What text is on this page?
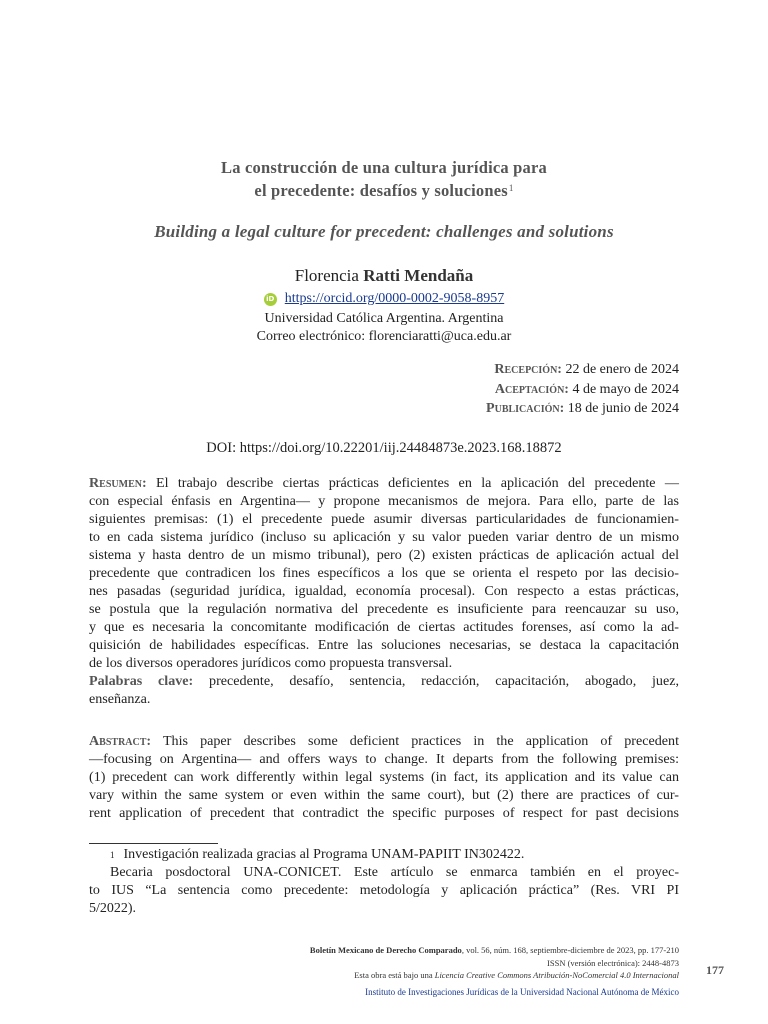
La construcción de una cultura jurídica para
el precedente: desafíos y soluciones$^1$
Building a legal culture for precedent: challenges and solutions
Florencia Ratti Mendaña
iD https://orcid.org/0000-0002-9058-8957
Universidad Católica Argentina. Argentina
Correo electrónico: florenciaratti@uca.edu.ar
Recepción: 22 de enero de 2024
Aceptación: 4 de mayo de 2024
Publicación: 18 de junio de 2024
DOI: https://doi.org/10.22201/iij.24484873e.2023.168.18872
Resumen: El trabajo describe ciertas prácticas deficientes en la aplicación del precedente —
con especial énfasis en Argentina— y propone mecanismos de mejora. Para ello, parte de las
siguientes premisas: (1) el precedente puede asumir diversas particularidades de funcionamien-
to en cada sistema jurídico (incluso su aplicación y su valor pueden variar dentro de un mismo
sistema y hasta dentro de un mismo tribunal), pero (2) existen prácticas de aplicación actual del
precedente que contradicen los fines específicos a los que se orienta el respeto por las decisio-
nes pasadas (seguridad jurídica, igualdad, economía procesal). Con respecto a estas prácticas,
se postula que la regulación normativa del precedente es insuficiente para reencauzar su uso,
y que es necesaria la concomitante modificación de ciertas actitudes forenses, así como la ad-
quisición de habilidades específicas. Entre las soluciones necesarias, se destaca la capacitación
de los diversos operadores jurídicos como propuesta transversal.
Palabras clave: precedente, desafío, sentencia, redacción, capacitación, abogado, juez,
enseñanza.
Abstract: This paper describes some deficient practices in the application of precedent
—focusing on Argentina— and offers ways to change. It departs from the following premises:
(1) precedent can work differently within legal systems (in fact, its application and its value can
vary within the same system or even within the same court), but (2) there are practices of cur-
rent application of precedent that contradict the specific purposes of respect for past decisions
$^1$ Investigación realizada gracias al Programa UNAM-PAPIIT IN302422.
Becaria posdoctoral UNA-CONICET. Este artículo se enmarca también en el proyec-
to IUS “La sentencia como precedente: metodología y aplicación práctica” (Res. VRI PI
5/2022).
Boletín Mexicano de Derecho Comparado, vol. 56, núm. 168, septiembre-diciembre de 2023, pp. 177-210
ISSN (versión electrónica): 2448-4873
Esta obra está bajo una Licencia Creative Commons Atribución-NoComercial 4.0 Internacional
Instituto de Investigaciones Jurídicas de la Universidad Nacional Autónoma de México
177
